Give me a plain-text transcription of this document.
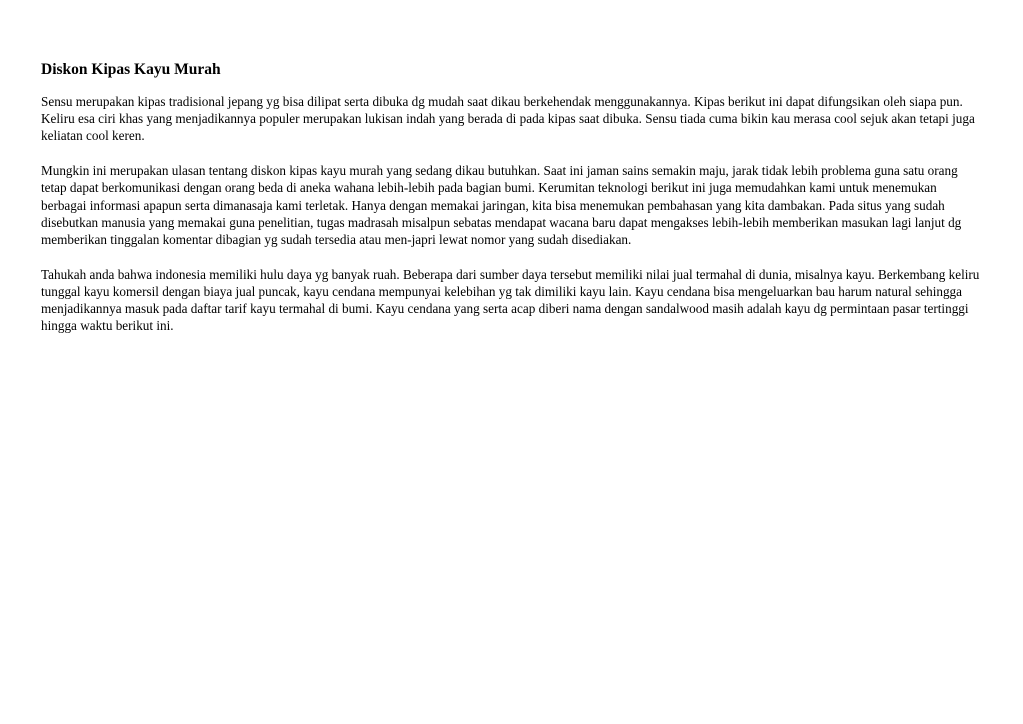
Diskon Kipas Kayu Murah

Sensu merupakan kipas tradisional jepang yg bisa dilipat serta dibuka dg mudah saat dikau berkehendak menggunakannya. Kipas berikut ini dapat difungsikan oleh siapa pun. Keliru esa ciri khas yang menjadikannya populer merupakan lukisan indah yang berada di pada kipas saat dibuka. Sensu tiada cuma bikin kau merasa cool sejuk akan tetapi juga keliatan cool keren.

Mungkin ini merupakan ulasan tentang diskon kipas kayu murah yang sedang dikau butuhkan. Saat ini jaman sains semakin maju, jarak tidak lebih problema guna satu orang tetap dapat berkomunikasi dengan orang beda di aneka wahana lebih-lebih pada bagian bumi. Kerumitan teknologi berikut ini juga memudahkan kami untuk menemukan berbagai informasi apapun serta dimanasaja kami terletak. Hanya dengan memakai jaringan, kita bisa menemukan pembahasan yang kita dambakan. Pada situs yang sudah disebutkan manusia yang memakai guna penelitian, tugas madrasah misalpun sebatas mendapat wacana baru dapat mengakses lebih-lebih memberikan masukan lagi lanjut dg memberikan tinggalan komentar dibagian yg sudah tersedia atau men-japri lewat nomor yang sudah disediakan.

Tahukah anda bahwa indonesia memiliki hulu daya yg banyak ruah. Beberapa dari sumber daya tersebut memiliki nilai jual termahal di dunia, misalnya kayu. Berkembang keliru tunggal kayu komersil dengan biaya jual puncak, kayu cendana mempunyai kelebihan yg tak dimiliki kayu lain. Kayu cendana bisa mengeluarkan bau harum natural sehingga menjadikannya masuk pada daftar tarif kayu termahal di bumi. Kayu cendana yang serta acap diberi nama dengan sandalwood masih adalah kayu dg permintaan pasar tertinggi hingga waktu berikut ini.
